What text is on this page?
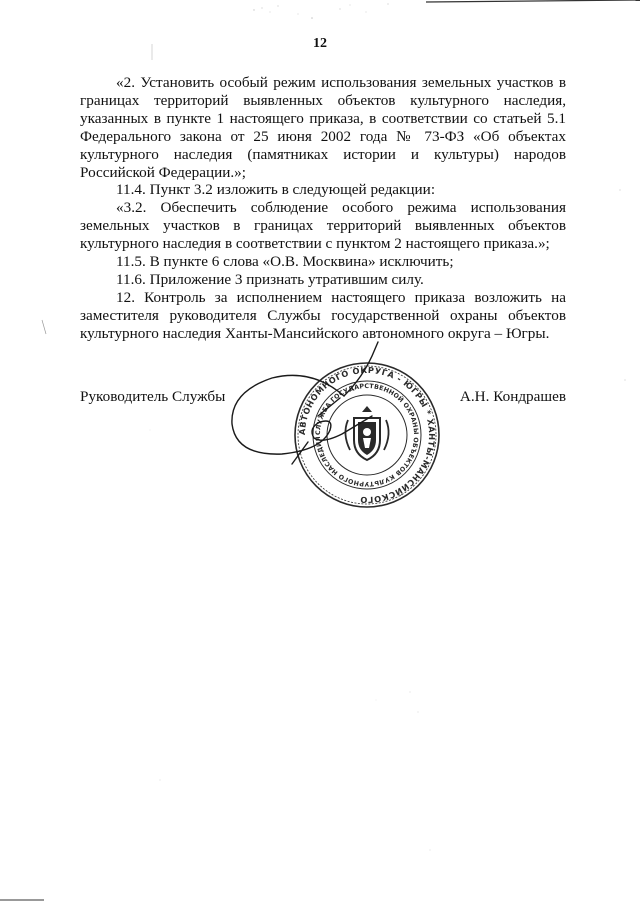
12

«2. Установить особый режим использования земельных участков в границах территорий выявленных объектов культурного наследия, указанных в пункте 1 настоящего приказа, в соответствии со статьей 5.1 Федерального закона от 25 июня 2002 года № 73-ФЗ «Об объектах культурного наследия (памятниках истории и культуры) народов Российской Федерации.»;

11.4. Пункт 3.2 изложить в следующей редакции:

«3.2. Обеспечить соблюдение особого режима использования земельных участков в границах территорий выявленных объектов культурного наследия в соответствии с пунктом 2 настоящего приказа.»;

11.5. В пункте 6 слова «О.В. Москвина» исключить;

11.6. Приложение 3 признать утратившим силу.

12. Контроль за исполнением настоящего приказа возложить на заместителя руководителя Службы государственной охраны объектов культурного наследия Ханты-Мансийского автономного округа – Югры.

Руководитель Службы	А.Н. Кондрашев
АВТОНОМНОГО ОКРУГА - ЮГРЫ * ХАНТЫ-МАНСИЙСКОГО
СЛУЖБА ГОСУДАРСТВЕННОЙ ОХРАНЫ ОБЪЕКТОВ КУЛЬТУРНОГО НАСЛЕДИЯ
